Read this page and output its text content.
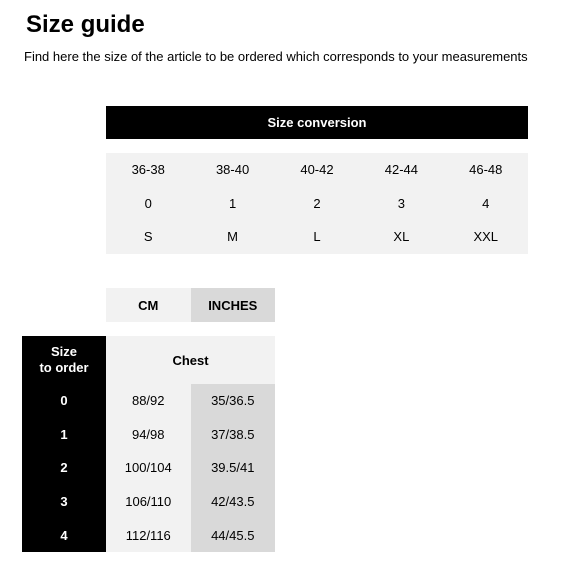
Size guide

Find here the size of the article to be ordered which corresponds to your measurements

Size conversion
36-38	38-40	40-42	42-44	46-48
0	1	2	3	4
S	M	L	XL	XXL
CM	INCHES
Size
to order	Chest
0	88/92	35/36.5
1	94/98	37/38.5
2	100/104	39.5/41
3	106/110	42/43.5
4	112/116	44/45.5
